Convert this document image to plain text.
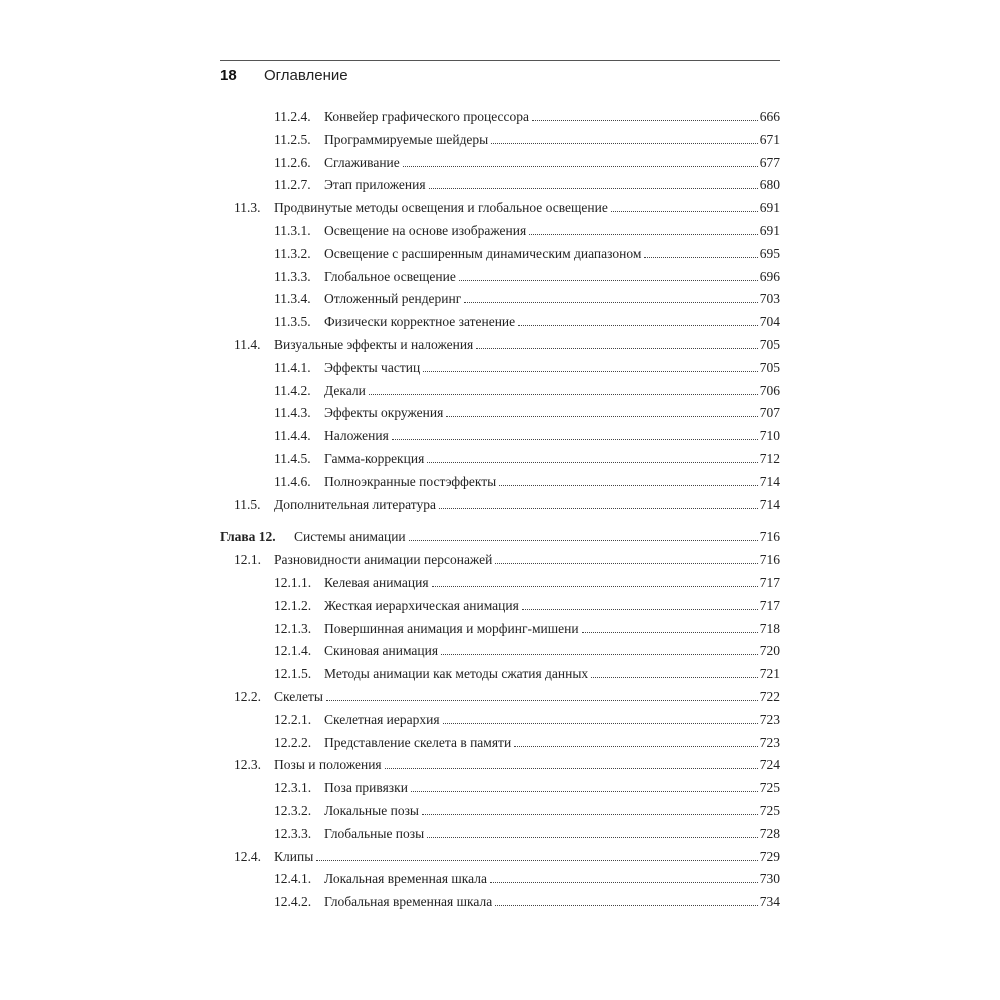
18 Оглавление
11.2.4. Конвейер графического процессора	666
11.2.5. Программируемые шейдеры	671
11.2.6. Сглаживание	677
11.2.7. Этап приложения	680
11.3. Продвинутые методы освещения и глобальное освещение	691
11.3.1. Освещение на основе изображения	691
11.3.2. Освещение с расширенным динамическим диапазоном	695
11.3.3. Глобальное освещение	696
11.3.4. Отложенный рендеринг	703
11.3.5. Физически корректное затенение	704
11.4. Визуальные эффекты и наложения	705
11.4.1. Эффекты частиц	705
11.4.2. Декали	706
11.4.3. Эффекты окружения	707
11.4.4. Наложения	710
11.4.5. Гамма-коррекция	712
11.4.6. Полноэкранные постэффекты	714
11.5. Дополнительная литература	714
Глава 12. Системы анимации	716
12.1. Разновидности анимации персонажей	716
12.1.1. Келевая анимация	717
12.1.2. Жесткая иерархическая анимация	717
12.1.3. Повершинная анимация и морфинг-мишени	718
12.1.4. Скиновая анимация	720
12.1.5. Методы анимации как методы сжатия данных	721
12.2. Скелеты	722
12.2.1. Скелетная иерархия	723
12.2.2. Представление скелета в памяти	723
12.3. Позы и положения	724
12.3.1. Поза привязки	725
12.3.2. Локальные позы	725
12.3.3. Глобальные позы	728
12.4. Клипы	729
12.4.1. Локальная временная шкала	730
12.4.2. Глобальная временная шкала	734
